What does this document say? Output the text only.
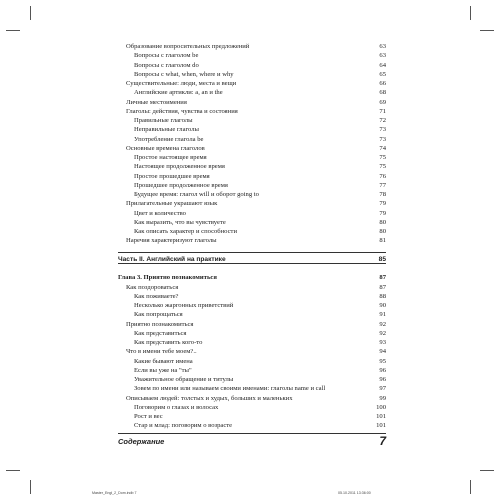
Образование вопросительных предложений	63
Вопросы с глаголом be	63
Вопросы с глаголом do	64
Вопросы с what, when, where и why	65
Существительные: люди, места и вещи	66
Английские артикли: a, an и the	68
Личные местоимения	69
Глаголы: действия, чувства и состояния	71
Правильные глаголы	72
Неправильные глаголы	73
Употребление глагола be	73
Основные времена глаголов	74
Простое настоящее время	75
Настоящее продолженное время	75
Простое прошедшее время	76
Прошедшее продолженное время	77
Будущее время: глагол will и оборот going to	78
Прилагательные украшают язык	79
Цвет и количество	79
Как выразить, что вы чувствуете	80
Как описать характер и способности	80
Наречия характеризуют глаголы	81
Часть II. Английский на практике	85
Глава 3. Приятно познакомиться	87
Как поздороваться	87
Как поживаете?	88
Несколько жаргонных приветствий	90
Как попрощаться	91
Приятно познакомиться	92
Как представиться	92
Как представить кого-то	93
Что в имени тебе моем?..	94
Какие бывают имена	95
Если вы уже на "ты"	96
Уважительное обращение и титулы	96
Зовем по имени или называем своими именами: глаголы name и call	97
Описываем людей: толстых и худых, больших и маленьких	99
Поговорим о глазах и волосах	100
Рост и вес	101
Стар и млад: поговорим о возрасте	101
Содержание	7
Master_Engl_2_Dom.indb 7	05.10.2011 13:36:00
